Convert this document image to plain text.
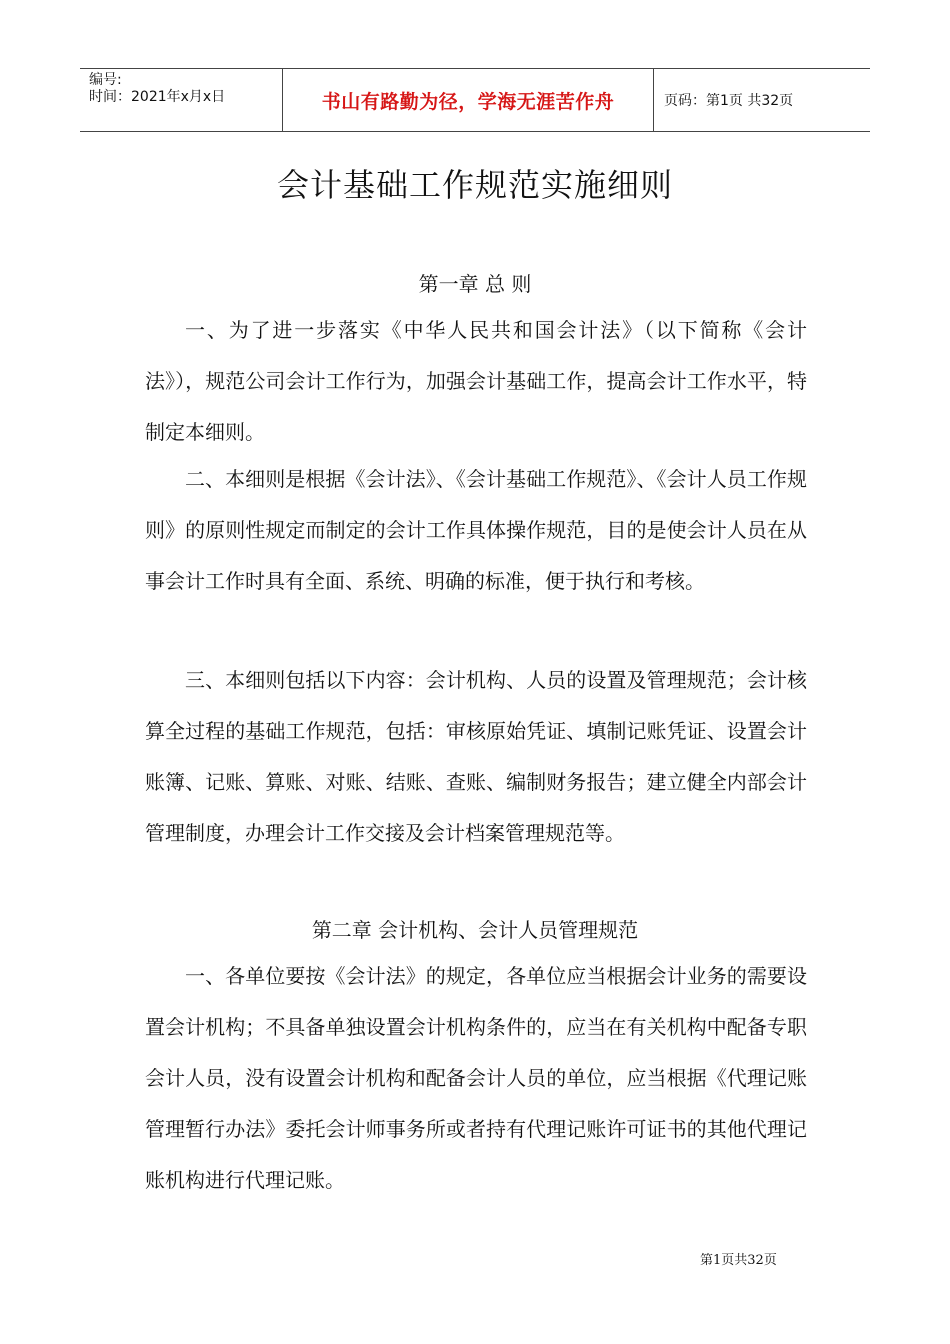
编号:
时间：2021年x月x日	书山有路勤为径，学海无涯苦作舟	页码：第1页 共32页
会计基础工作规范实施细则
第一章 总 则
一、为了进一步落实《中华人民共和国会计法》（以下简称《会计法》），规范公司会计工作行为，加强会计基础工作，提高会计工作水平，特制定本细则。
二、本细则是根据《会计法》、《会计基础工作规范》、《会计人员工作规则》的原则性规定而制定的会计工作具体操作规范，目的是使会计人员在从事会计工作时具有全面、系统、明确的标准，便于执行和考核。
三、本细则包括以下内容：会计机构、人员的设置及管理规范；会计核算全过程的基础工作规范，包括：审核原始凭证、填制记账凭证、设置会计账簿、记账、算账、对账、结账、查账、编制财务报告；建立健全内部会计管理制度，办理会计工作交接及会计档案管理规范等。
第二章 会计机构、会计人员管理规范
一、各单位要按《会计法》的规定，各单位应当根据会计业务的需要设置会计机构；不具备单独设置会计机构条件的，应当在有关机构中配备专职会计人员，没有设置会计机构和配备会计人员的单位，应当根据《代理记账管理暂行办法》委托会计师事务所或者持有代理记账许可证书的其他代理记账机构进行代理记账。
第1页共32页
